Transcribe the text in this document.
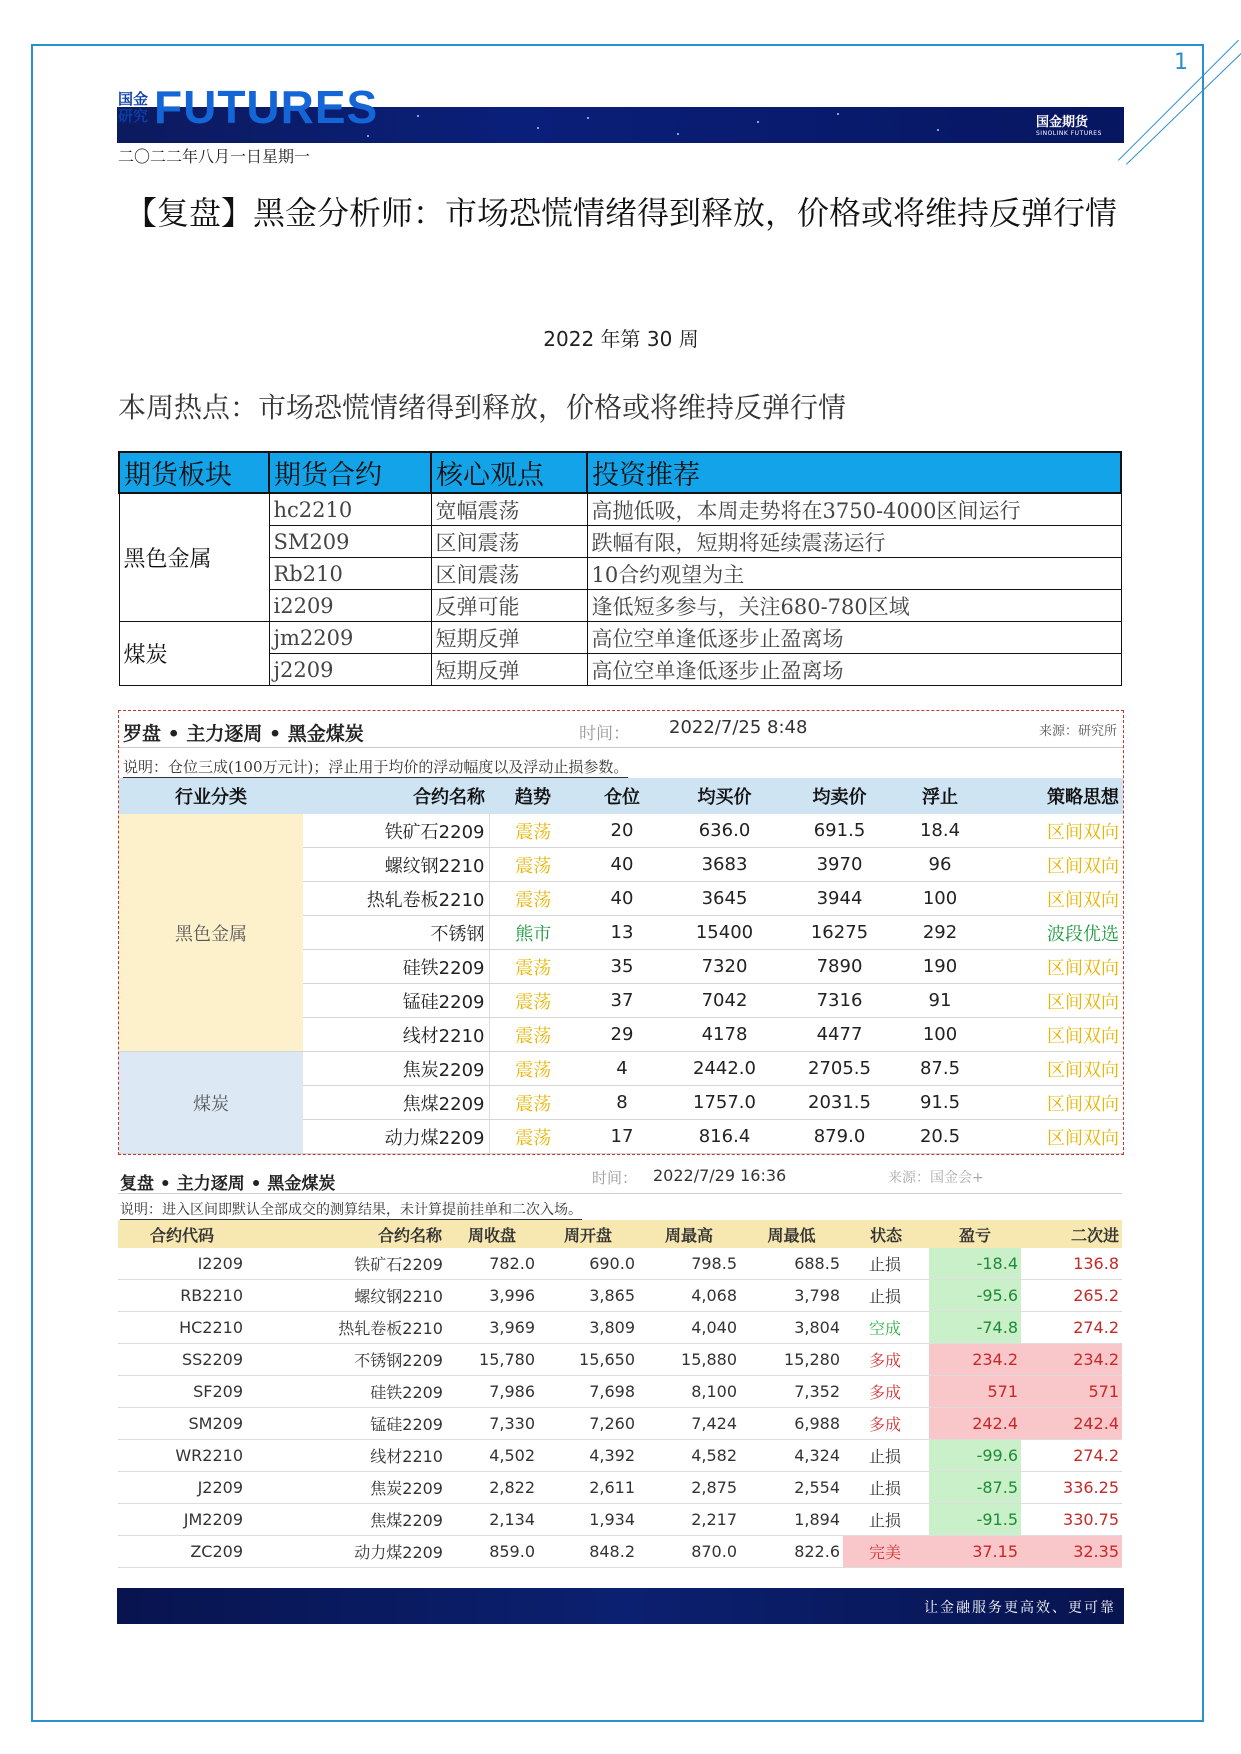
1
国金期货
SINOLINK FUTURES
国金
研究 FUTURES
二〇二二年八月一日星期一
【复盘】黑金分析师：市场恐慌情绪得到释放，价格或将维持反弹行情
2022 年第 30 周
本周热点：市场恐慌情绪得到释放，价格或将维持反弹行情
期货板块	期货合约	核心观点	投资推荐
黑色金属	hc2210	宽幅震荡	高抛低吸，本周走势将在3750-4000区间运行
	SM209	区间震荡	跌幅有限，短期将延续震荡运行
	Rb210	区间震荡	10合约观望为主
	i2209	反弹可能	逢低短多参与，关注680-780区域
煤炭	jm2209	短期反弹	高位空单逢低逐步止盈离场
	j2209	短期反弹	高位空单逢低逐步止盈离场
罗盘 • 主力逐周 • 黑金煤炭	时间： 2022/7/25 8:48	来源：研究所
说明：仓位三成(100万元计)；浮止用于均价的浮动幅度以及浮动止损参数。
行业分类	合约名称	趋势	仓位	均买价	均卖价	浮止	策略思想
黑色金属	铁矿石2209	震荡	20	636.0	691.5	18.4	区间双向
	螺纹钢2210	震荡	40	3683	3970	96	区间双向
	热轧卷板2210	震荡	40	3645	3944	100	区间双向
	不锈钢	熊市	13	15400	16275	292	波段优选
	硅铁2209	震荡	35	7320	7890	190	区间双向
	锰硅2209	震荡	37	7042	7316	91	区间双向
	线材2210	震荡	29	4178	4477	100	区间双向
煤炭	焦炭2209	震荡	4	2442.0	2705.5	87.5	区间双向
	焦煤2209	震荡	8	1757.0	2031.5	91.5	区间双向
	动力煤2209	震荡	17	816.4	879.0	20.5	区间双向
复盘 • 主力逐周 • 黑金煤炭	时间： 2022/7/29 16:36	来源：国金会+
说明：进入区间即默认全部成交的测算结果，未计算提前挂单和二次入场。
合约代码	合约名称	周收盘	周开盘	周最高	周最低	状态	盈亏	二次进
I2209	铁矿石2209	782.0	690.0	798.5	688.5	止损	-18.4	136.8
RB2210	螺纹钢2210	3,996	3,865	4,068	3,798	止损	-95.6	265.2
HC2210	热轧卷板2210	3,969	3,809	4,040	3,804	空成	-74.8	274.2
SS2209	不锈钢2209	15,780	15,650	15,880	15,280	多成	234.2	234.2
SF209	硅铁2209	7,986	7,698	8,100	7,352	多成	571	571
SM209	锰硅2209	7,330	7,260	7,424	6,988	多成	242.4	242.4
WR2210	线材2210	4,502	4,392	4,582	4,324	止损	-99.6	274.2
J2209	焦炭2209	2,822	2,611	2,875	2,554	止损	-87.5	336.25
JM2209	焦煤2209	2,134	1,934	2,217	1,894	止损	-91.5	330.75
ZC209	动力煤2209	859.0	848.2	870.0	822.6	完美	37.15	32.35
让金融服务更高效、更可靠
